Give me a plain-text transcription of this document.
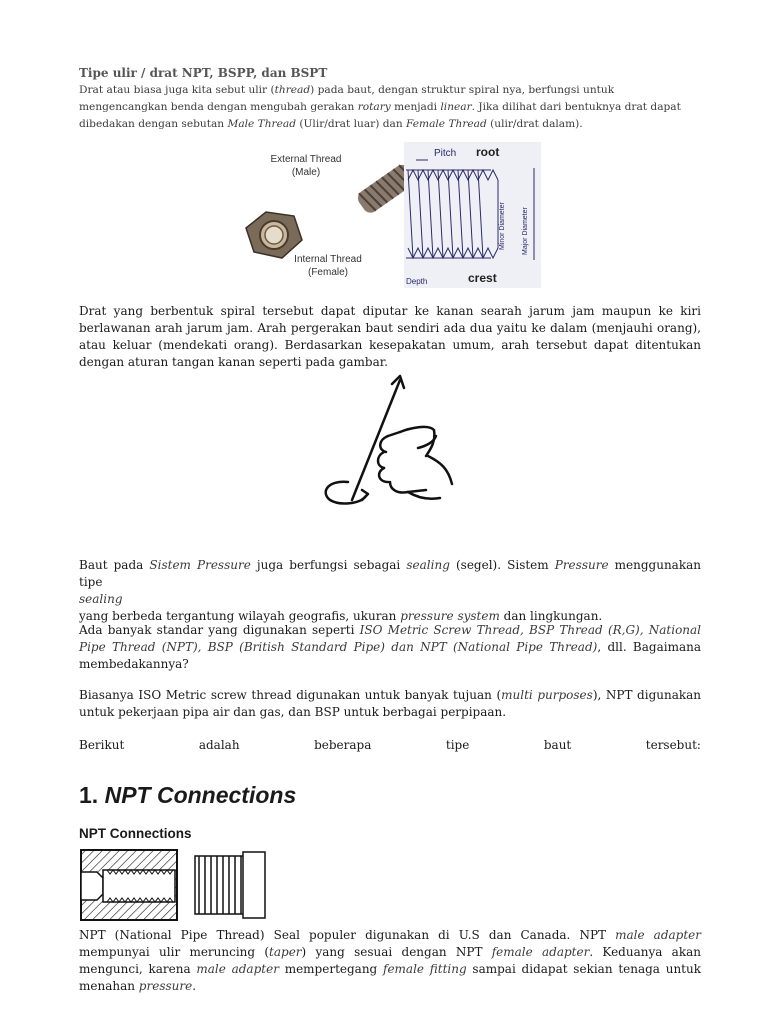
Tipe ulir / drat NPT, BSPP, dan BSPT
Drat atau biasa juga kita sebut ulir (thread) pada baut, dengan struktur spiral nya, berfungsi untuk mengencangkan benda dengan mengubah gerakan rotary menjadi linear. Jika dilihat dari bentuknya drat dapat dibedakan dengan sebutan Male Thread (Ulir/drat luar) dan Female Thread (ulir/drat dalam).
External Thread
(Male)
Internal Thread
(Female)
Pitch root
crest
Depth
Minor Diameter Major Diameter
Drat yang berbentuk spiral tersebut dapat diputar ke kanan searah jarum jam maupun ke kiri berlawanan arah jarum jam. Arah pergerakan baut sendiri ada dua yaitu ke dalam (menjauhi orang), atau keluar (mendekati orang). Berdasarkan kesepakatan umum, arah tersebut dapat ditentukan dengan aturan tangan kanan seperti pada gambar.
Baut pada Sistem Pressure juga berfungsi sebagai sealing (segel). Sistem Pressure menggunakan tipe
sealing
yang berbeda tergantung wilayah geografis, ukuran pressure system dan lingkungan.
Ada banyak standar yang digunakan seperti ISO Metric Screw Thread, BSP Thread (R,G), National Pipe Thread (NPT), BSP (British Standard Pipe) dan NPT (National Pipe Thread), dll. Bagaimana membedakannya?
Biasanya ISO Metric screw thread digunakan untuk banyak tujuan (multi purposes), NPT digunakan untuk pekerjaan pipa air dan gas, dan BSP untuk berbagai perpipaan.
Berikut	adalah	beberapa	tipe	baut	tersebut:
1. NPT Connections
NPT Connections
NPT (National Pipe Thread) Seal populer digunakan di U.S dan Canada. NPT male adapter mempunyai ulir meruncing (taper) yang sesuai dengan NPT female adapter. Keduanya akan mengunci, karena male adapter mempertegang female fitting sampai didapat sekian tenaga untuk menahan pressure.
